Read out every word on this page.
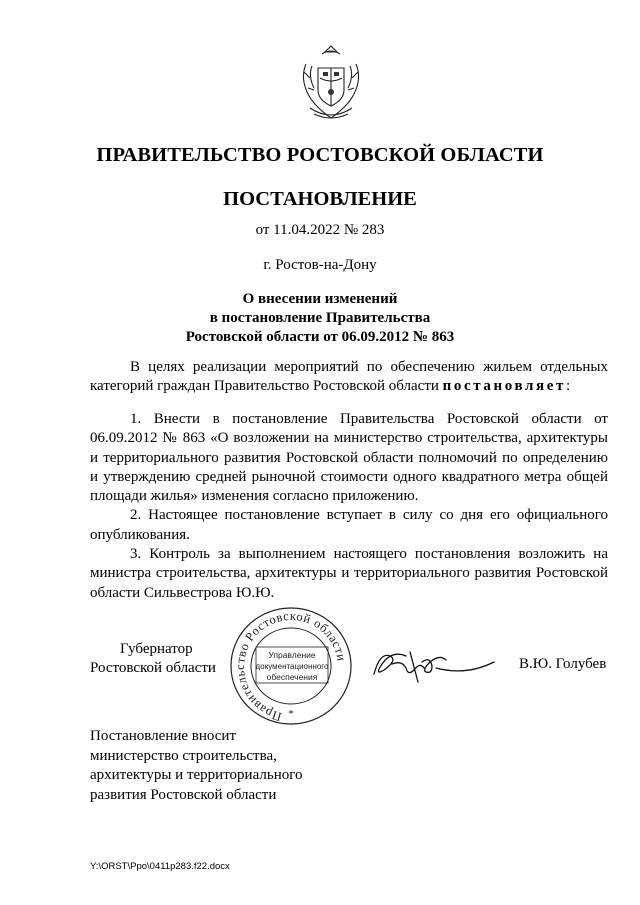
ПРАВИТЕЛЬСТВО РОСТОВСКОЙ ОБЛАСТИ
ПОСТАНОВЛЕНИЕ
от 11.04.2022 № 283
г. Ростов-на-Дону
О внесении изменений
в постановление Правительства
Ростовской области от 06.09.2012 № 863

В целях реализации мероприятий по обеспечению жильем отдельных категорий граждан Правительство Ростовской области постановляет:

1. Внести в постановление Правительства Ростовской области от 06.09.2012 № 863 «О возложении на министерство строительства, архитектуры и территориального развития Ростовской области полномочий по определению и утверждению средней рыночной стоимости одного квадратного метра общей площади жилья» изменения согласно приложению.

2. Настоящее постановление вступает в силу со дня его официального опубликования.

3. Контроль за выполнением настоящего постановления возложить на министра строительства, архитектуры и территориального развития Ростовской области Сильвестрова Ю.Ю.

Губернатор
Ростовской области
Правительство Ростовской области
Управление
документационного
обеспечения
*
В.Ю. Голубев
Постановление вносит
министерство строительства,
архитектуры и территориального
развития Ростовской области
Y:\ORST\Ppo\0411p283.f22.docx
